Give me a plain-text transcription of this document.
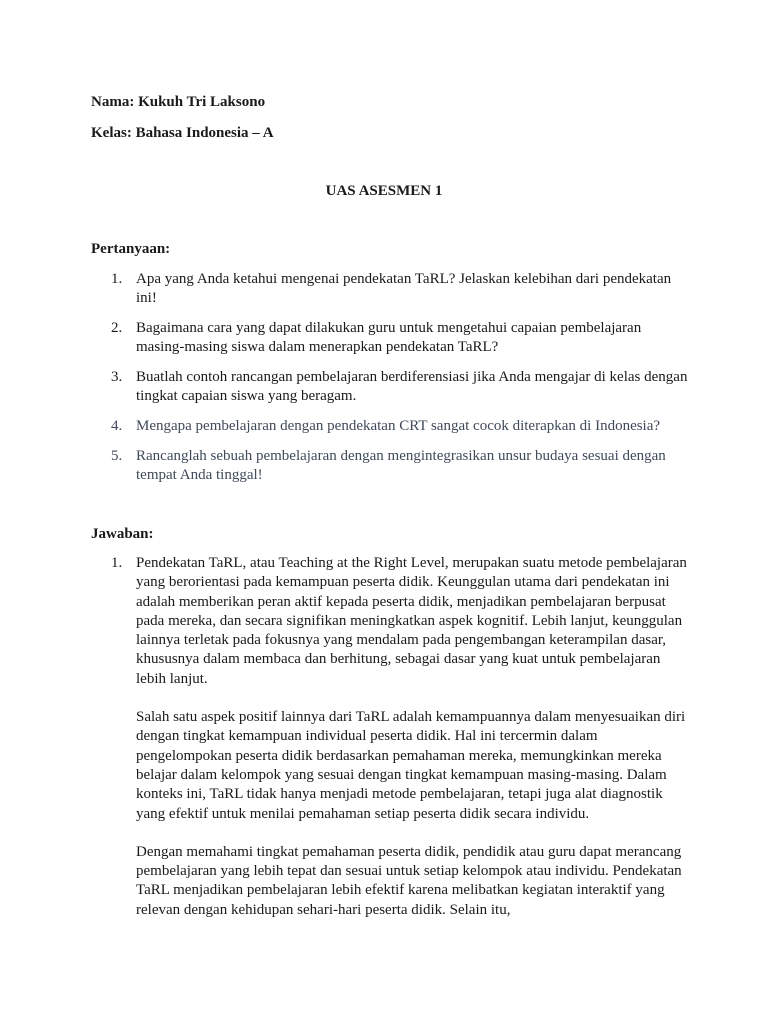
Nama: Kukuh Tri Laksono

Kelas: Bahasa Indonesia – A

UAS ASESMEN 1

Pertanyaan:

1. Apa yang Anda ketahui mengenai pendekatan TaRL? Jelaskan kelebihan dari pendekatan ini!
2. Bagaimana cara yang dapat dilakukan guru untuk mengetahui capaian pembelajaran masing-masing siswa dalam menerapkan pendekatan TaRL?
3. Buatlah contoh rancangan pembelajaran berdiferensiasi jika Anda mengajar di kelas dengan tingkat capaian siswa yang beragam.
4. Mengapa pembelajaran dengan pendekatan CRT sangat cocok diterapkan di Indonesia?
5. Rancanglah sebuah pembelajaran dengan mengintegrasikan unsur budaya sesuai dengan tempat Anda tinggal!

Jawaban:

1. Pendekatan TaRL, atau Teaching at the Right Level, merupakan suatu metode pembelajaran yang berorientasi pada kemampuan peserta didik. Keunggulan utama dari pendekatan ini adalah memberikan peran aktif kepada peserta didik, menjadikan pembelajaran berpusat pada mereka, dan secara signifikan meningkatkan aspek kognitif. Lebih lanjut, keunggulan lainnya terletak pada fokusnya yang mendalam pada pengembangan keterampilan dasar, khususnya dalam membaca dan berhitung, sebagai dasar yang kuat untuk pembelajaran lebih lanjut.

Salah satu aspek positif lainnya dari TaRL adalah kemampuannya dalam menyesuaikan diri dengan tingkat kemampuan individual peserta didik. Hal ini tercermin dalam pengelompokan peserta didik berdasarkan pemahaman mereka, memungkinkan mereka belajar dalam kelompok yang sesuai dengan tingkat kemampuan masing-masing. Dalam konteks ini, TaRL tidak hanya menjadi metode pembelajaran, tetapi juga alat diagnostik yang efektif untuk menilai pemahaman setiap peserta didik secara individu.

Dengan memahami tingkat pemahaman peserta didik, pendidik atau guru dapat merancang pembelajaran yang lebih tepat dan sesuai untuk setiap kelompok atau individu. Pendekatan TaRL menjadikan pembelajaran lebih efektif karena melibatkan kegiatan interaktif yang relevan dengan kehidupan sehari-hari peserta didik. Selain itu,
